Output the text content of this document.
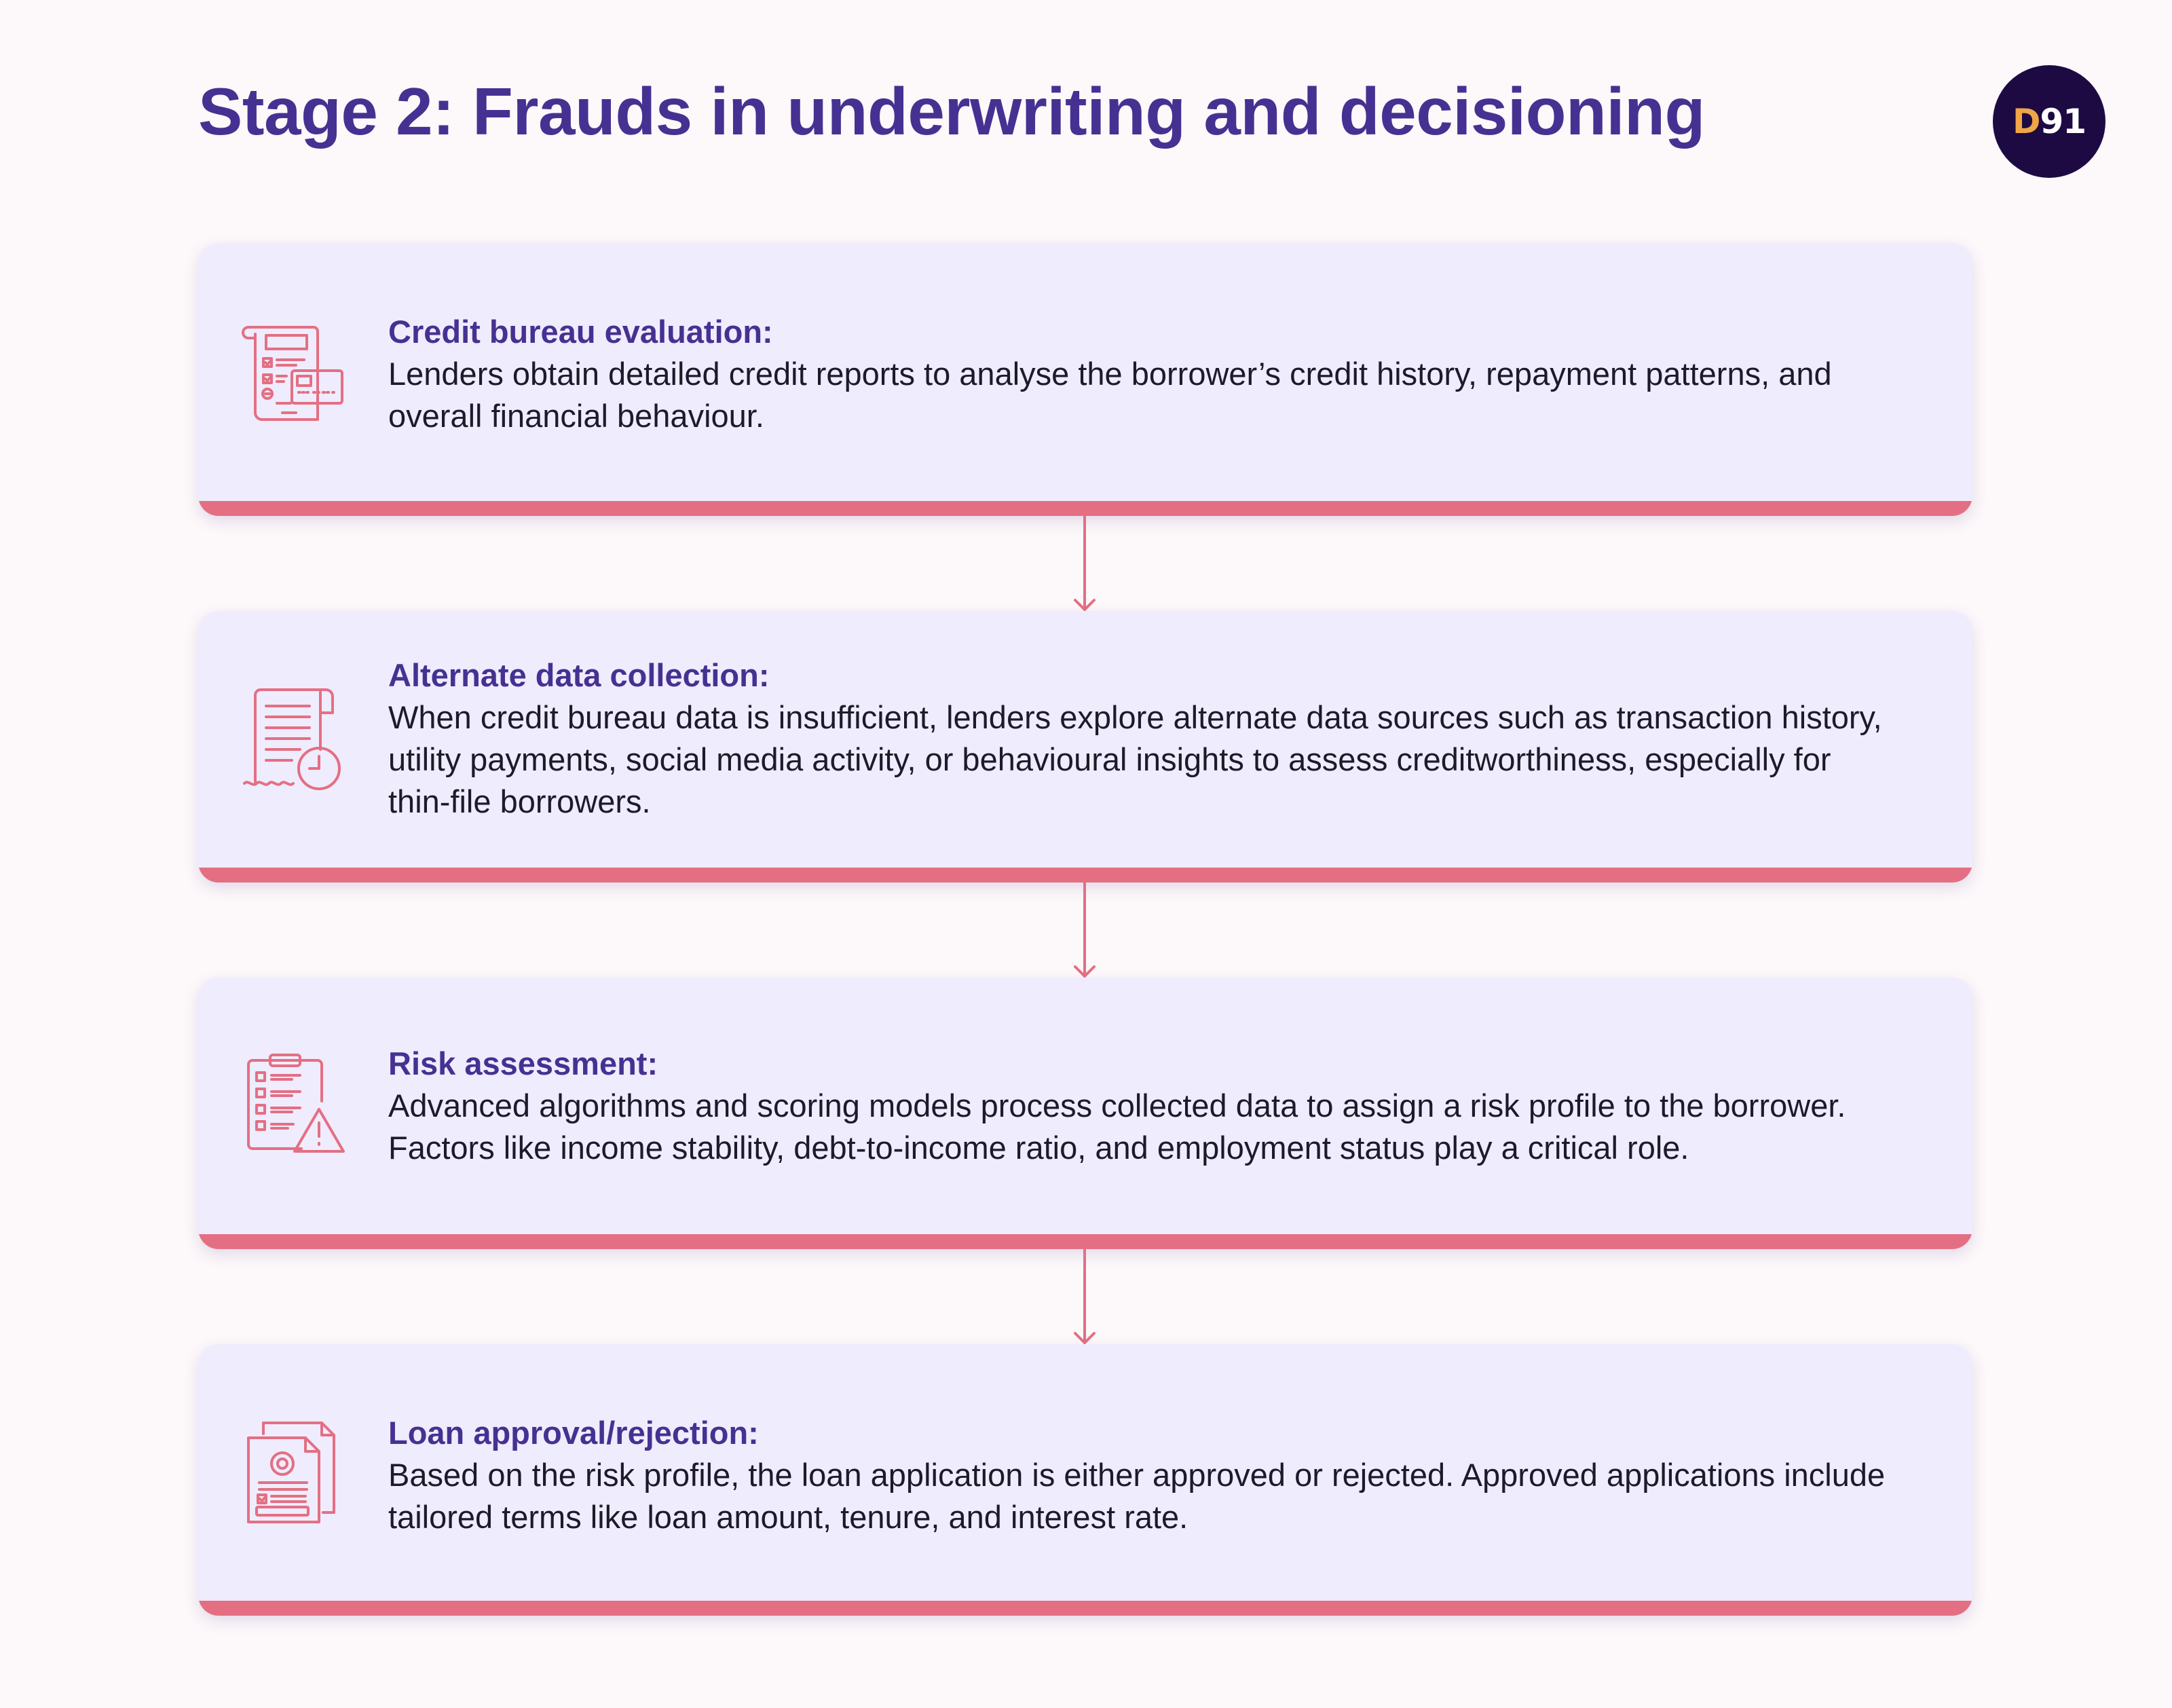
Stage 2: Frauds in underwriting and decisioning	D 91

Credit bureau evaluation:

Lenders obtain detailed credit reports to analyse the borrower’s credit history, repayment patterns, and overall financial behaviour.

Alternate data collection:

When credit bureau data is insufficient, lenders explore alternate data sources such as transaction history, utility payments, social media activity, or behavioural insights to assess creditworthiness, especially for thin-file borrowers.

Risk assessment:

Advanced algorithms and scoring models process collected data to assign a risk profile to the borrower. Factors like income stability, debt-to-income ratio, and employment status play a critical role.

Loan approval/rejection:

Based on the risk profile, the loan application is either approved or rejected. Approved applications include tailored terms like loan amount, tenure, and interest rate.
